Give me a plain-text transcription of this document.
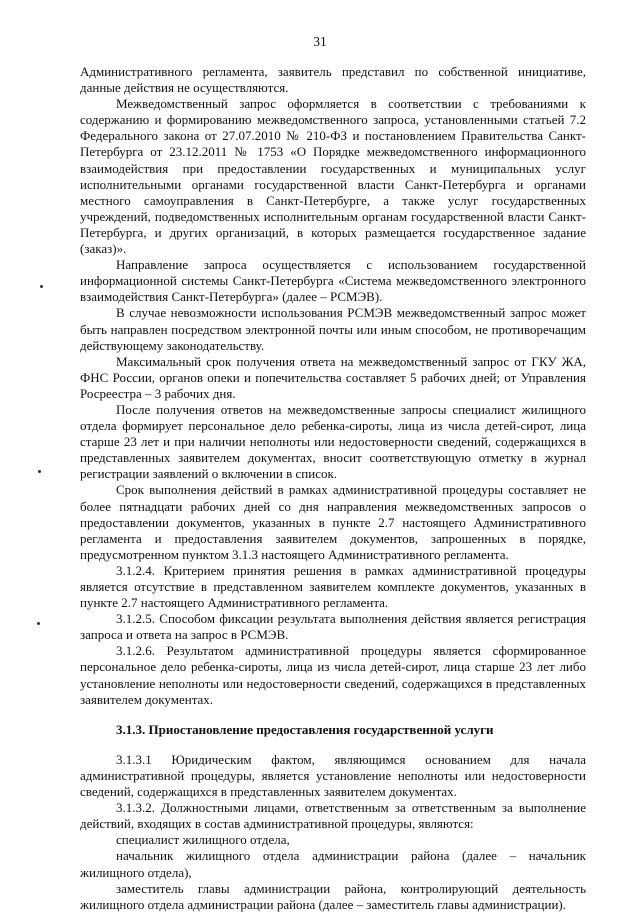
31

Административного регламента, заявитель представил по собственной инициативе, данные действия не осуществляются.

Межведомственный запрос оформляется в соответствии с требованиями к содержанию и формированию межведомственного запроса, установленными статьей 7.2 Федерального закона от 27.07.2010 № 210-ФЗ и постановлением Правительства Санкт-Петербурга от 23.12.2011 № 1753 «О Порядке межведомственного информационного взаимодействия при предоставлении государственных и муниципальных услуг исполнительными органами государственной власти Санкт-Петербурга и органами местного самоуправления в Санкт-Петербурге, а также услуг государственных учреждений, подведомственных исполнительным органам государственной власти Санкт-Петербурга, и других организаций, в которых размещается государственное задание (заказ)».

Направление запроса осуществляется с использованием государственной информационной системы Санкт-Петербурга «Система межведомственного электронного взаимодействия Санкт-Петербурга» (далее – РСМЭВ).

В случае невозможности использования РСМЭВ межведомственный запрос может быть направлен посредством электронной почты или иным способом, не противоречащим действующему законодательству.

Максимальный срок получения ответа на межведомственный запрос от ГКУ ЖА, ФНС России, органов опеки и попечительства составляет 5 рабочих дней; от Управления Росреестра – 3 рабочих дня.

После получения ответов на межведомственные запросы специалист жилищного отдела формирует персональное дело ребенка-сироты, лица из числа детей-сирот, лица старше 23 лет и при наличии неполноты или недостоверности сведений, содержащихся в представленных заявителем документах, вносит соответствующую отметку в журнал регистрации заявлений о включении в список.

Срок выполнения действий в рамках административной процедуры составляет не более пятнадцати рабочих дней со дня направления межведомственных запросов о предоставлении документов, указанных в пункте 2.7 настоящего Административного регламента и предоставления заявителем документов, запрошенных в порядке, предусмотренном пунктом 3.1.3 настоящего Административного регламента.

3.1.2.4. Критерием принятия решения в рамках административной процедуры является отсутствие в представленном заявителем комплекте документов, указанных в пункте 2.7 настоящего Административного регламента.

3.1.2.5. Способом фиксации результата выполнения действия является регистрация запроса и ответа на запрос в РСМЭВ.

3.1.2.6. Результатом административной процедуры является сформированное персональное дело ребенка-сироты, лица из числа детей-сирот, лица старше 23 лет либо установление неполноты или недостоверности сведений, содержащихся в представленных заявителем документах.

3.1.3. Приостановление предоставления государственной услуги

3.1.3.1 Юридическим фактом, являющимся основанием для начала административной процедуры, является установление неполноты или недостоверности сведений, содержащихся в представленных заявителем документах.

3.1.3.2. Должностными лицами, ответственным за ответственным за выполнение действий, входящих в состав административной процедуры, являются:

специалист жилищного отдела,

начальник жилищного отдела администрации района (далее – начальник жилищного отдела),

заместитель главы администрации района, контролирующий деятельность жилищного отдела администрации района (далее – заместитель главы администрации).
